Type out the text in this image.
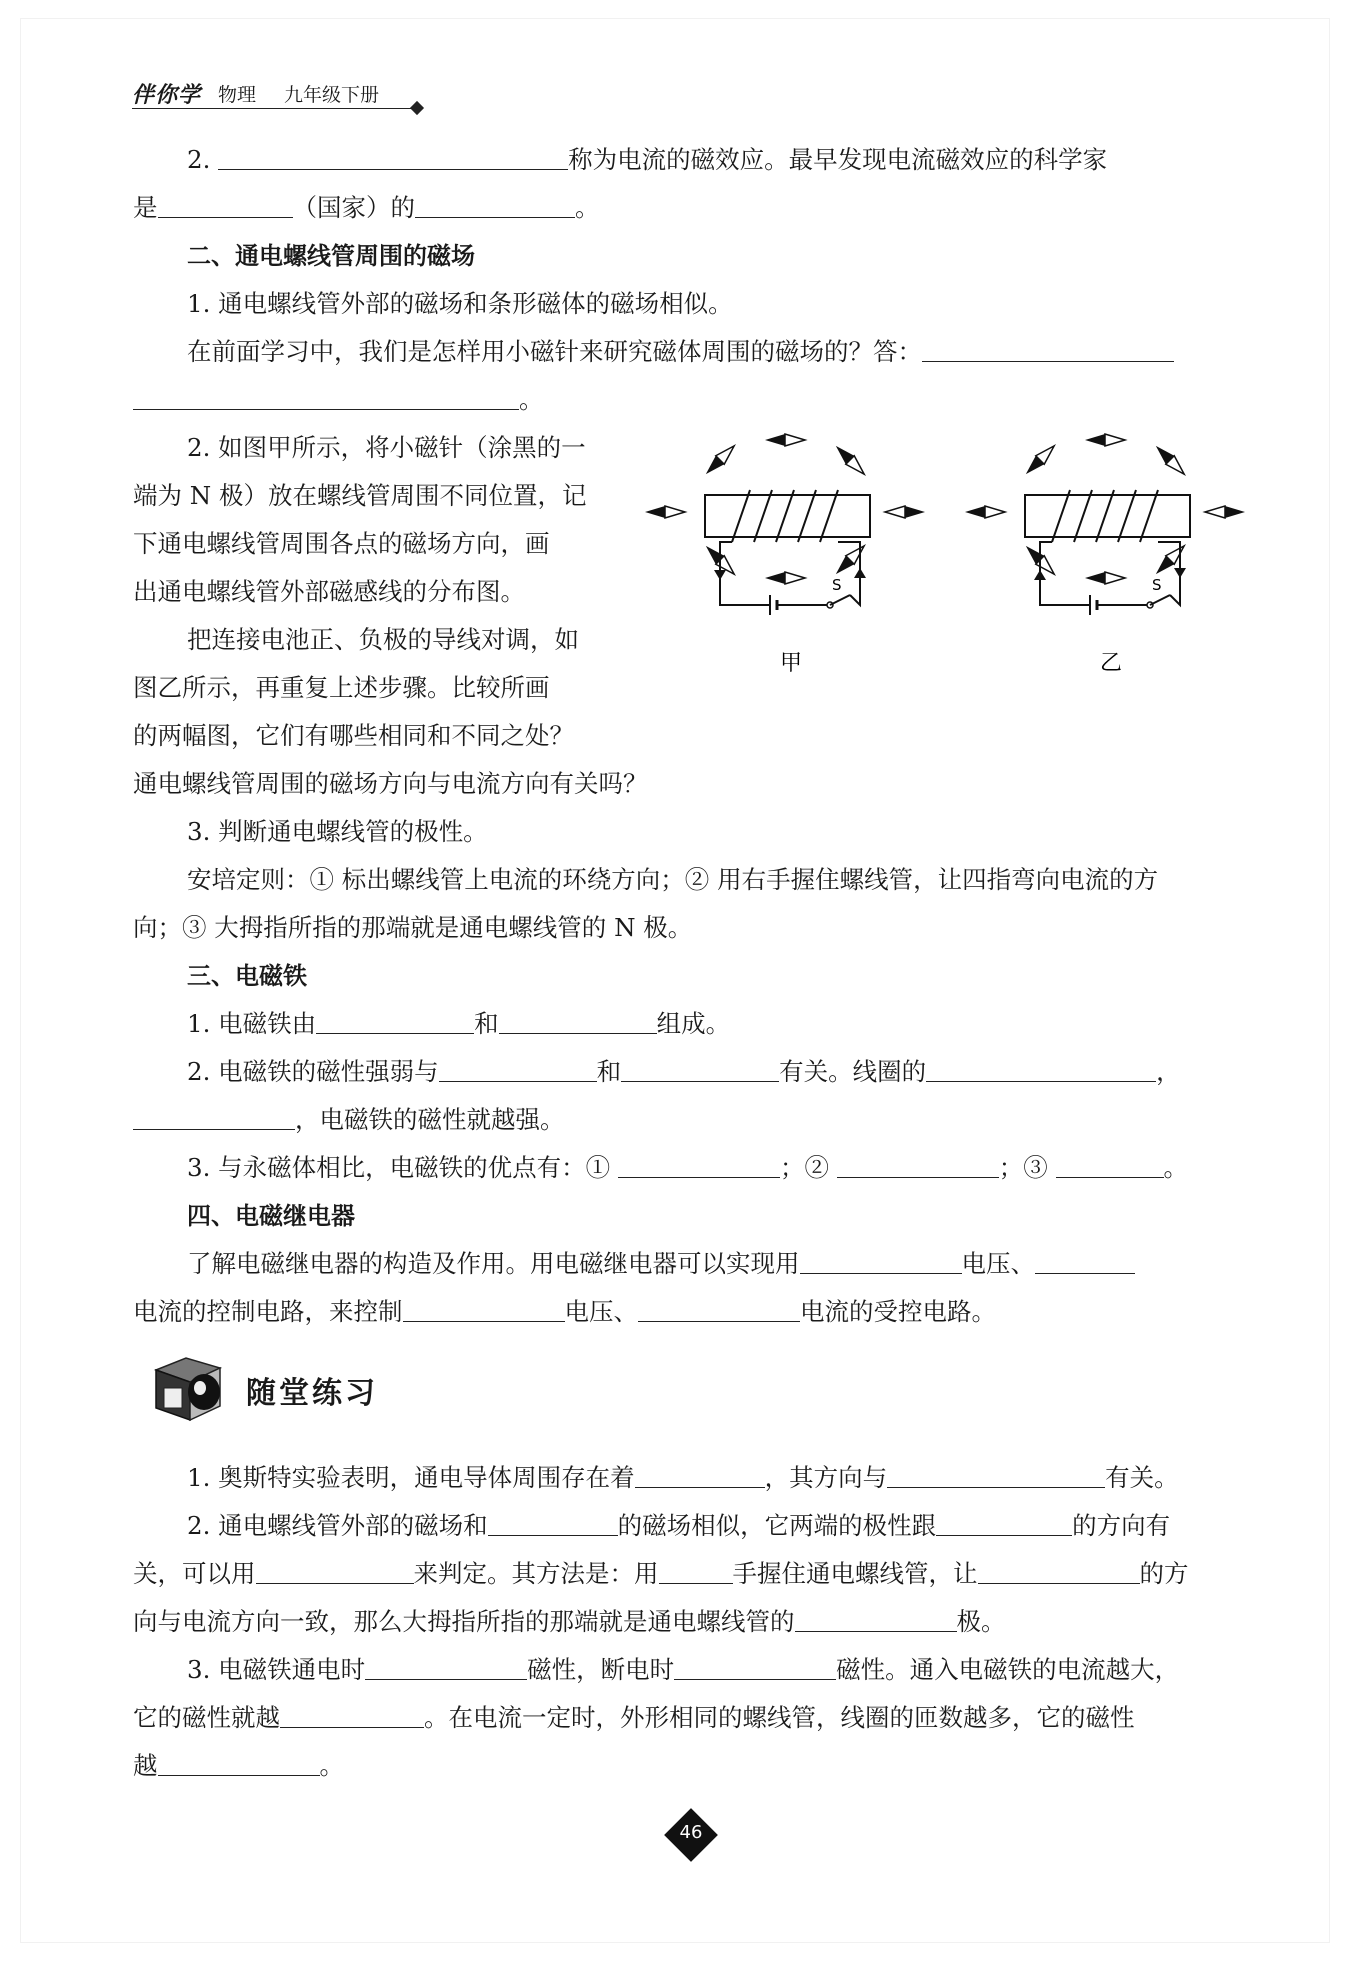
伴你学 物理 九年级下册
2.	称为电流的磁效应。最早发现电流磁效应的科学家
是	（国家）的	。
二、通电螺线管周围的磁场
1. 通电螺线管外部的磁场和条形磁体的磁场相似。
在前面学习中，我们是怎样用小磁针来研究磁体周围的磁场的？答：
。
2. 如图甲所示，将小磁针（涂黑的一
端为 N 极）放在螺线管周围不同位置，记
下通电螺线管周围各点的磁场方向，画
出通电螺线管外部磁感线的分布图。
把连接电池正、负极的导线对调，如
图乙所示，再重复上述步骤。比较所画
的两幅图，它们有哪些相同和不同之处？
通电螺线管周围的磁场方向与电流方向有关吗？
3. 判断通电螺线管的极性。
安培定则：① 标出螺线管上电流的环绕方向；② 用右手握住螺线管，让四指弯向电流的方
向；③ 大拇指所指的那端就是通电螺线管的 N 极。
三、电磁铁
1. 电磁铁由	和	组成。
2. 电磁铁的磁性强弱与	和	有关。线圈的	，
，电磁铁的磁性就越强。
3. 与永磁体相比，电磁铁的优点有：①	；②	；③	。
四、电磁继电器
了解电磁继电器的构造及作用。用电磁继电器可以实现用	电压、
电流的控制电路，来控制	电压、	电流的受控电路。
1. 奥斯特实验表明，通电导体周围存在着	，其方向与	有关。
2. 通电螺线管外部的磁场和	的磁场相似，它两端的极性跟	的方向有
关，可以用	来判定。其方法是：用	手握住通电螺线管，让	的方
向与电流方向一致，那么大拇指所指的那端就是通电螺线管的	极。
3. 电磁铁通电时	磁性，断电时	磁性。通入电磁铁的电流越大，
它的磁性就越	。在电流一定时，外形相同的螺线管，线圈的匝数越多，它的磁性
越	。
随堂练习
S
甲
S
乙
46
